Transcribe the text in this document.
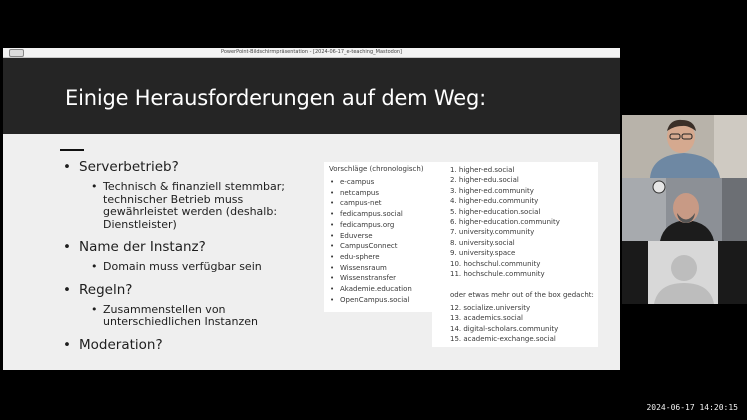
PowerPoint-Bildschirmpräsentation - [2024-06-17_e-teaching_Mastodon]
Einige Herausforderungen auf dem Weg:
• Serverbetrieb?
• Technisch & finanziell stemmbar; technischer Betrieb muss gewährleistet werden (deshalb: Dienstleister)
• Name der Instanz?
• Domain muss verfügbar sein
• Regeln?
• Zusammenstellen von unterschiedlichen Instanzen
• Moderation?
Vorschläge (chronologisch)
• e-campus
• netcampus
• campus-net
• fedicampus.social
• fedicampus.org
• Eduverse
• CampusConnect
• edu-sphere
• Wissensraum
• Wissenstransfer
• Akademie.education
• OpenCampus.social
1. higher-ed.social
2. higher-edu.social
3. higher-ed.community
4. higher-edu.community
5. higher-education.social
6. higher-education.community
7. university.community
8. university.social
9. university.space
10. hochschul.community
11. hochschule.community
oder etwas mehr out of the box gedacht:
12. socialize.university
13. academics.social
14. digital-scholars.community
15. academic-exchange.social
2024-06-17 14:20:15
